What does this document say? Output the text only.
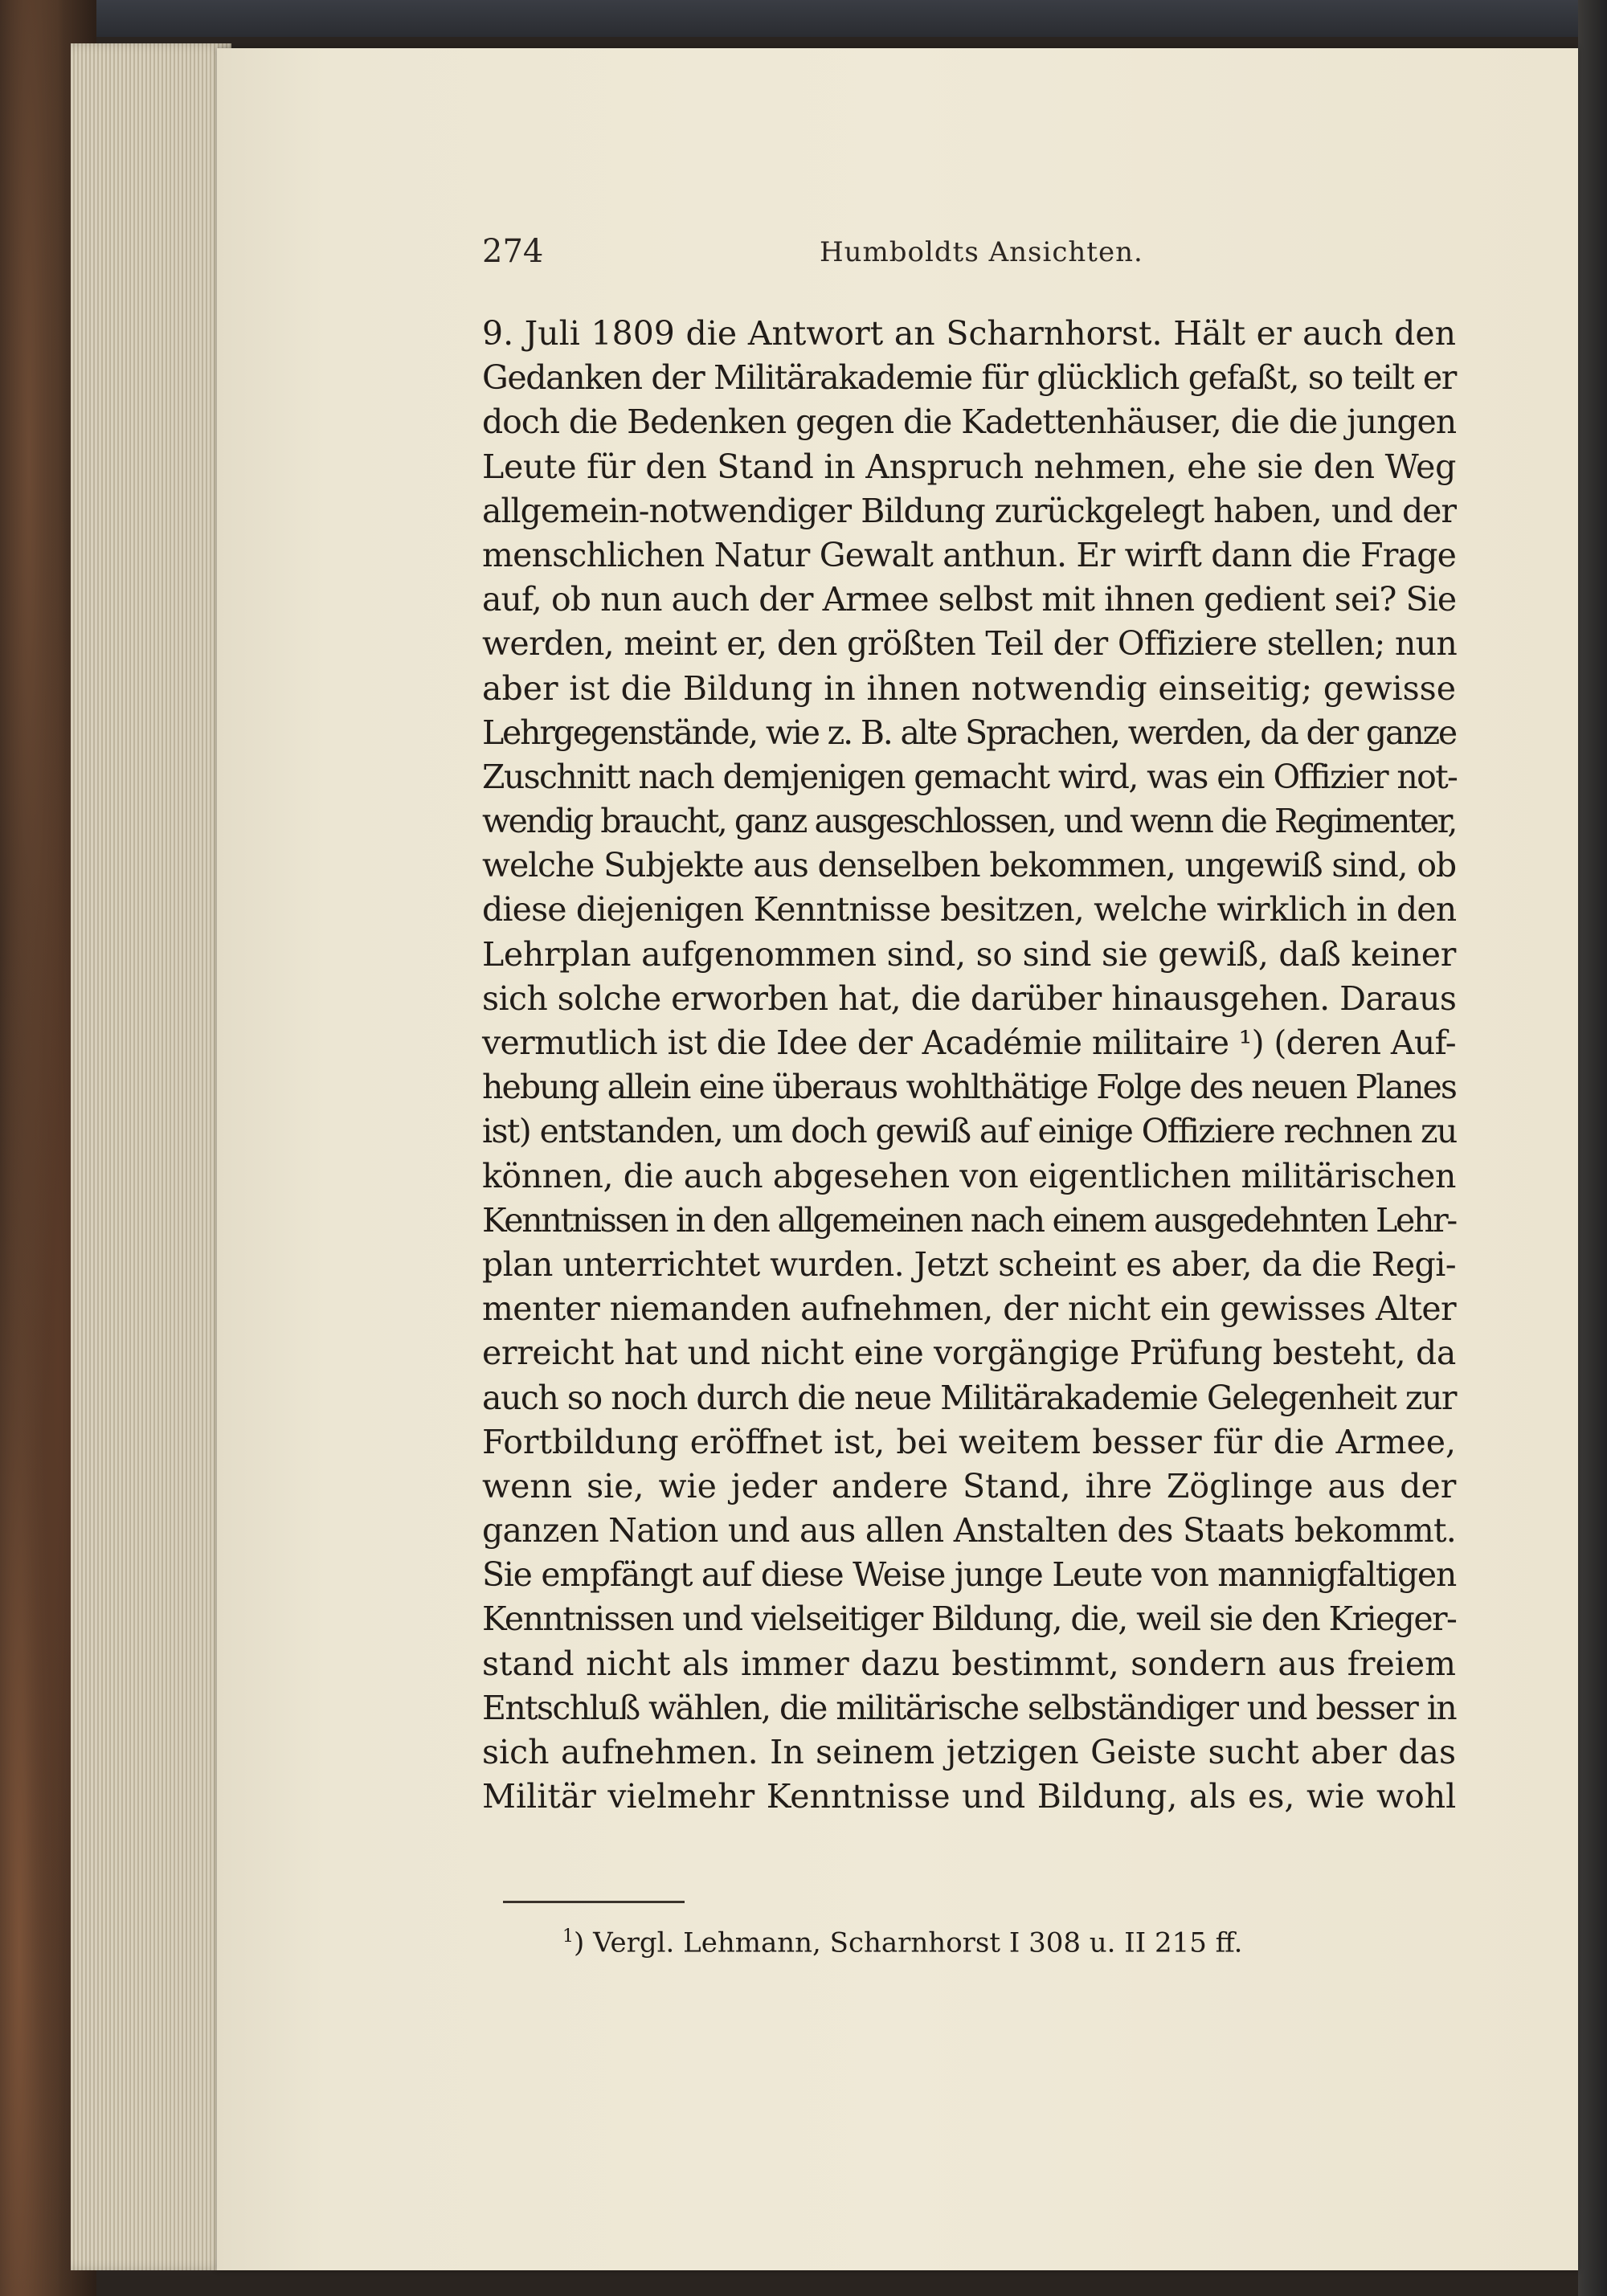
274	Humboldts Ansichten.
9. Juli 1809 die Antwort an Scharnhorst. Hält er auch den
Gedanken der Militärakademie für glücklich gefaßt, so teilt er
doch die Bedenken gegen die Kadettenhäuser, die die jungen
Leute für den Stand in Anspruch nehmen, ehe sie den Weg
allgemein-notwendiger Bildung zurückgelegt haben, und der
menschlichen Natur Gewalt anthun. Er wirft dann die Frage
auf, ob nun auch der Armee selbst mit ihnen gedient sei? Sie
werden, meint er, den größten Teil der Offiziere stellen; nun
aber ist die Bildung in ihnen notwendig einseitig; gewisse
Lehrgegenstände, wie z. B. alte Sprachen, werden, da der ganze
Zuschnitt nach demjenigen gemacht wird, was ein Offizier not-
wendig braucht, ganz ausgeschlossen, und wenn die Regimenter,
welche Subjekte aus denselben bekommen, ungewiß sind, ob
diese diejenigen Kenntnisse besitzen, welche wirklich in den
Lehrplan aufgenommen sind, so sind sie gewiß, daß keiner
sich solche erworben hat, die darüber hinausgehen. Daraus
vermutlich ist die Idee der Académie militaire ¹) (deren Auf-
hebung allein eine überaus wohlthätige Folge des neuen Planes
ist) entstanden, um doch gewiß auf einige Offiziere rechnen zu
können, die auch abgesehen von eigentlichen militärischen
Kenntnissen in den allgemeinen nach einem ausgedehnten Lehr-
plan unterrichtet wurden. Jetzt scheint es aber, da die Regi-
menter niemanden aufnehmen, der nicht ein gewisses Alter
erreicht hat und nicht eine vorgängige Prüfung besteht, da
auch so noch durch die neue Militärakademie Gelegenheit zur
Fortbildung eröffnet ist, bei weitem besser für die Armee,
wenn sie, wie jeder andere Stand, ihre Zöglinge aus der
ganzen Nation und aus allen Anstalten des Staats bekommt.
Sie empfängt auf diese Weise junge Leute von mannigfaltigen
Kenntnissen und vielseitiger Bildung, die, weil sie den Krieger-
stand nicht als immer dazu bestimmt, sondern aus freiem
Entschluß wählen, die militärische selbständiger und besser in
sich aufnehmen. In seinem jetzigen Geiste sucht aber das
Militär vielmehr Kenntnisse und Bildung, als es, wie wohl
$^1$) Vergl. Lehmann, Scharnhorst I 308 u. II 215 ff.
